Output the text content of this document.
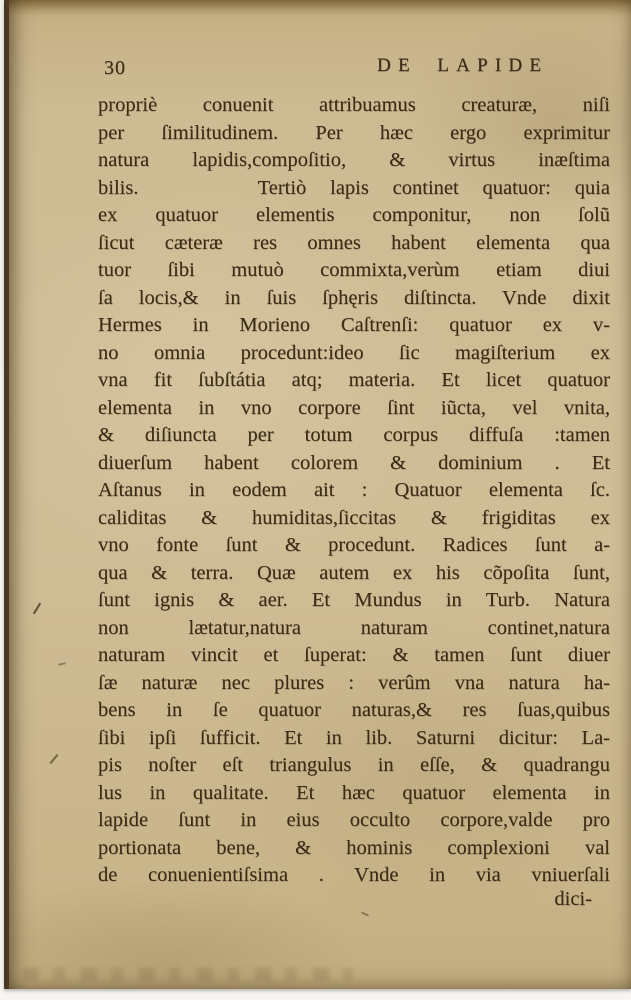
30	DE LAPIDE
propriè conuenit attribuamus creaturæ, niſi
per ſimilitudinem. Per hæc ergo exprimitur
natura lapidis,compoſitio, & virtus inæſtima
bilis.     Tertiò lapis continet quatuor: quia
ex quatuor elementis componitur, non ſolũ
ſicut cæteræ res omnes habent elementa qua
tuor ſibi mutuò commixta,verùm etiam diui
ſa locis,& in ſuis ſphęris diſtincta. Vnde dixit
Hermes in Morieno Caſtrenſi: quatuor ex v-
no omnia procedunt:ideo ſic magiſterium ex
vna fit ſubſtátia atq; materia. Et licet quatuor
elementa in vno corpore ſint iũcta, vel vnita,
& diſiuncta per totum corpus diffuſa :tamen
diuerſum habent colorem & dominium . Et
Aſtanus in eodem ait : Quatuor elementa ſc.
caliditas & humiditas,ſiccitas & frigiditas ex
vno fonte ſunt & procedunt. Radices ſunt a-
qua & terra. Quæ autem ex his cõpoſita ſunt,
ſunt ignis & aer. Et Mundus in Turb. Natura
non lætatur,natura naturam continet,natura
naturam vincit et ſuperat: & tamen ſunt diuer
ſæ naturæ nec plures : verûm vna natura ha-
bens in ſe quatuor naturas,& res ſuas,quibus
ſibi ipſi ſufficit. Et in lib. Saturni dicitur: La-
pis noſter eſt triangulus in eſſe, & quadrangu
lus in qualitate. Et hæc quatuor elementa in
lapide ſunt in eius occulto corpore,valde pro
portionata bene, & hominis complexioni val
de conuenientiſsima . Vnde in via vniuerſali
dici-
